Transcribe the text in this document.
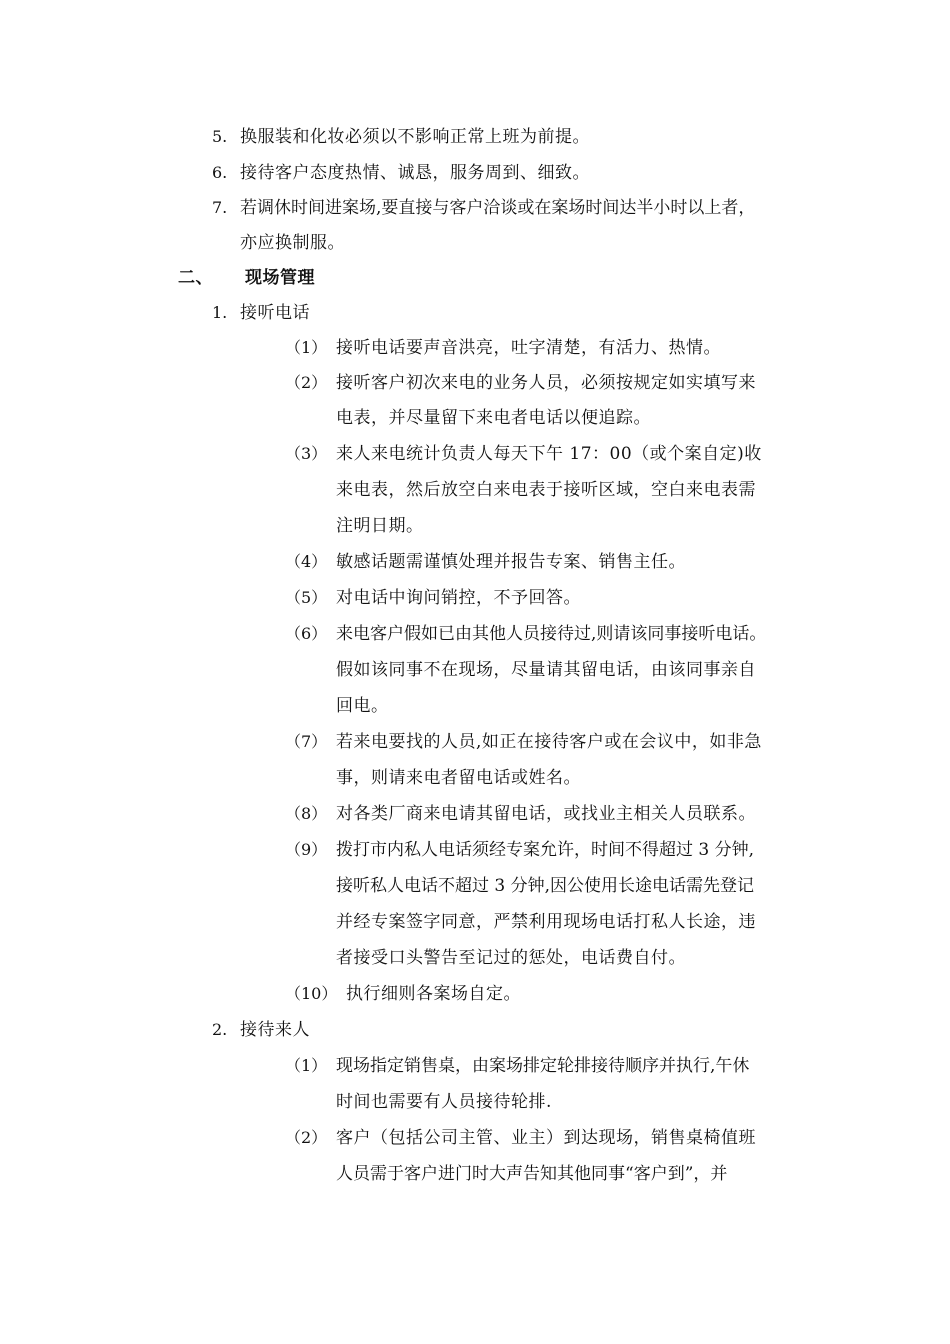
5. 换服装和化妆必须以不影响正常上班为前提。
6. 接待客户态度热情、诚恳，服务周到、细致。
7. 若调休时间进案场,要直接与客户洽谈或在案场时间达半小时以上者，
亦应换制服。
二、 现场管理
1. 接听电话
（1） 接听电话要声音洪亮，吐字清楚，有活力、热情。
（2） 接听客户初次来电的业务人员，必须按规定如实填写来
电表，并尽量留下来电者电话以便追踪。
（3） 来人来电统计负责人每天下午 17：00（或个案自定)收
来电表，然后放空白来电表于接听区域，空白来电表需
注明日期。
（4） 敏感话题需谨慎处理并报告专案、销售主任。
（5） 对电话中询问销控，不予回答。
（6） 来电客户假如已由其他人员接待过,则请该同事接听电话。
假如该同事不在现场，尽量请其留电话，由该同事亲自
回电。
（7） 若来电要找的人员,如正在接待客户或在会议中，如非急
事，则请来电者留电话或姓名。
（8） 对各类厂商来电请其留电话，或找业主相关人员联系。
（9） 拨打市内私人电话须经专案允许，时间不得超过 3 分钟,
接听私人电话不超过 3 分钟,因公使用长途电话需先登记
并经专案签字同意，严禁利用现场电话打私人长途，违
者接受口头警告至记过的惩处，电话费自付。
（10） 执行细则各案场自定。
2. 接待来人
（1） 现场指定销售桌，由案场排定轮排接待顺序并执行,午休
时间也需要有人员接待轮排.
（2） 客户（包括公司主管、业主）到达现场，销售桌椅值班
人员需于客户进门时大声告知其他同事“客户到”，并
